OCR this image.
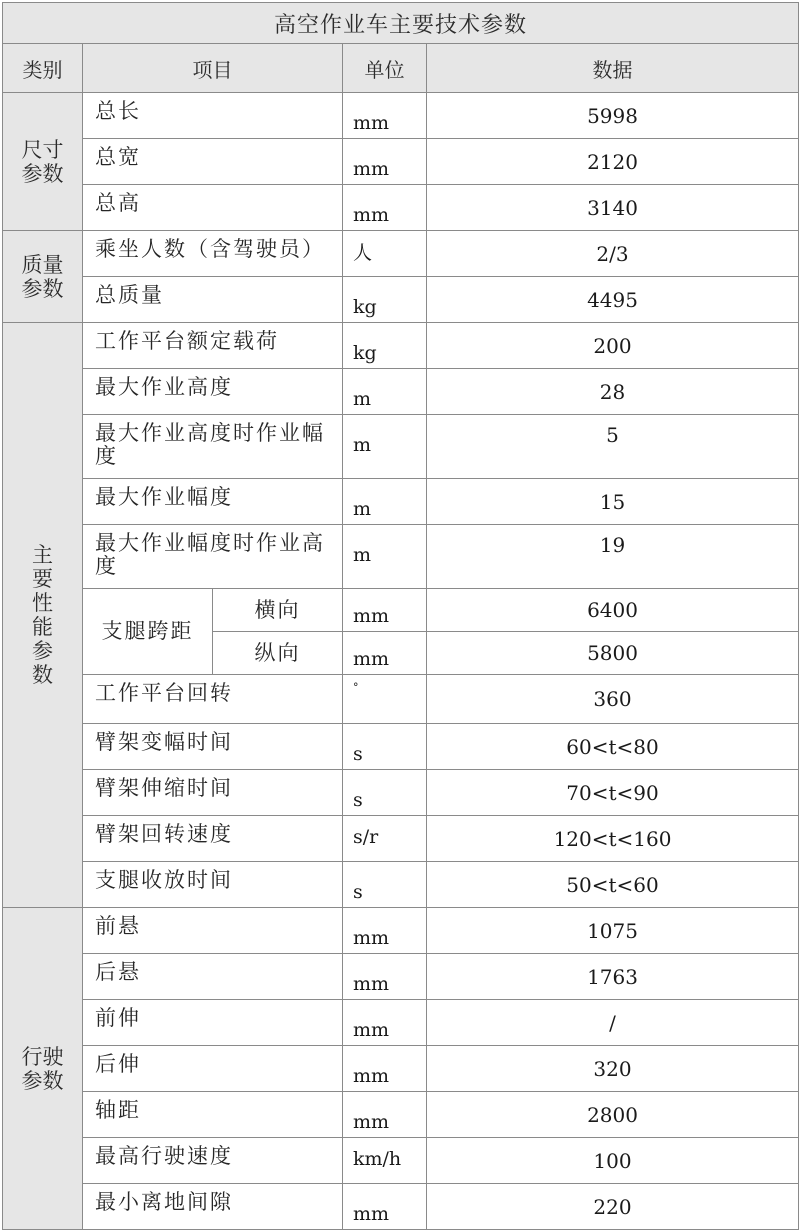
高空作业车主要技术参数				
类别	项目		单位	数据
尺寸参数	总长		mm	5998
	总宽		mm	2120
	总高		mm	3140
质量参数	乘坐人数（含驾驶员）		人	2/3
	总质量		kg	4495
主要性能参数	工作平台额定载荷		kg	200
	最大作业高度		m	28
	最大作业高度时作业幅度		m	5
	最大作业幅度		m	15
	最大作业幅度时作业高度		m	19
	支腿跨距	横向	mm	6400
		纵向	mm	5800
	工作平台回转		°	360
	臂架变幅时间		s	60<t<80
	臂架伸缩时间		s	70<t<90
	臂架回转速度		s/r	120<t<160
	支腿收放时间		s	50<t<60
行驶参数	前悬		mm	1075
	后悬		mm	1763
	前伸		mm	/
	后伸		mm	320
	轴距		mm	2800
	最高行驶速度		km/h	100
	最小离地间隙		mm	220
